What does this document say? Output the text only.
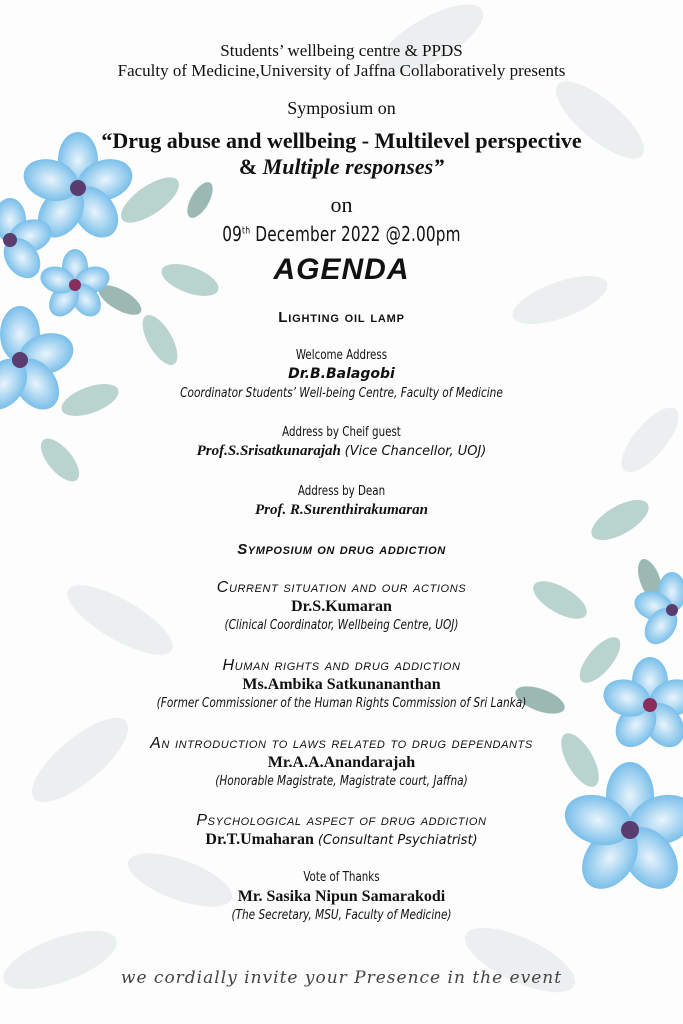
Students’ wellbeing centre & PPDS
Faculty of Medicine,University of Jaffna Collaboratively presents
Symposium on
“Drug abuse and wellbeing - Multilevel perspective
& Multiple responses”
on
09th December 2022 @2.00pm
AGENDA
Lighting oil lamp
Welcome Address
Dr.B.Balagobi
Coordinator Students’ Well-being Centre, Faculty of Medicine
Address by Cheif guest
Prof.S.Srisatkunarajah (Vice Chancellor, UOJ)
Address by Dean
Prof. R.Surenthirakumaran
Symposium on drug addiction
Current situation and our actions
Dr.S.Kumaran
(Clinical Coordinator, Wellbeing Centre, UOJ)
Human rights and drug addiction
Ms.Ambika Satkunananthan
(Former Commissioner of the Human Rights Commission of Sri Lanka)
An introduction to laws related to drug dependants
Mr.A.A.Anandarajah
(Honorable Magistrate, Magistrate court, Jaffna)
Psychological aspect of drug addiction
Dr.T.Umaharan (Consultant Psychiatrist)
Vote of Thanks
Mr. Sasika Nipun Samarakodi
(The Secretary, MSU, Faculty of Medicine)
we cordially invite your Presence in the event
